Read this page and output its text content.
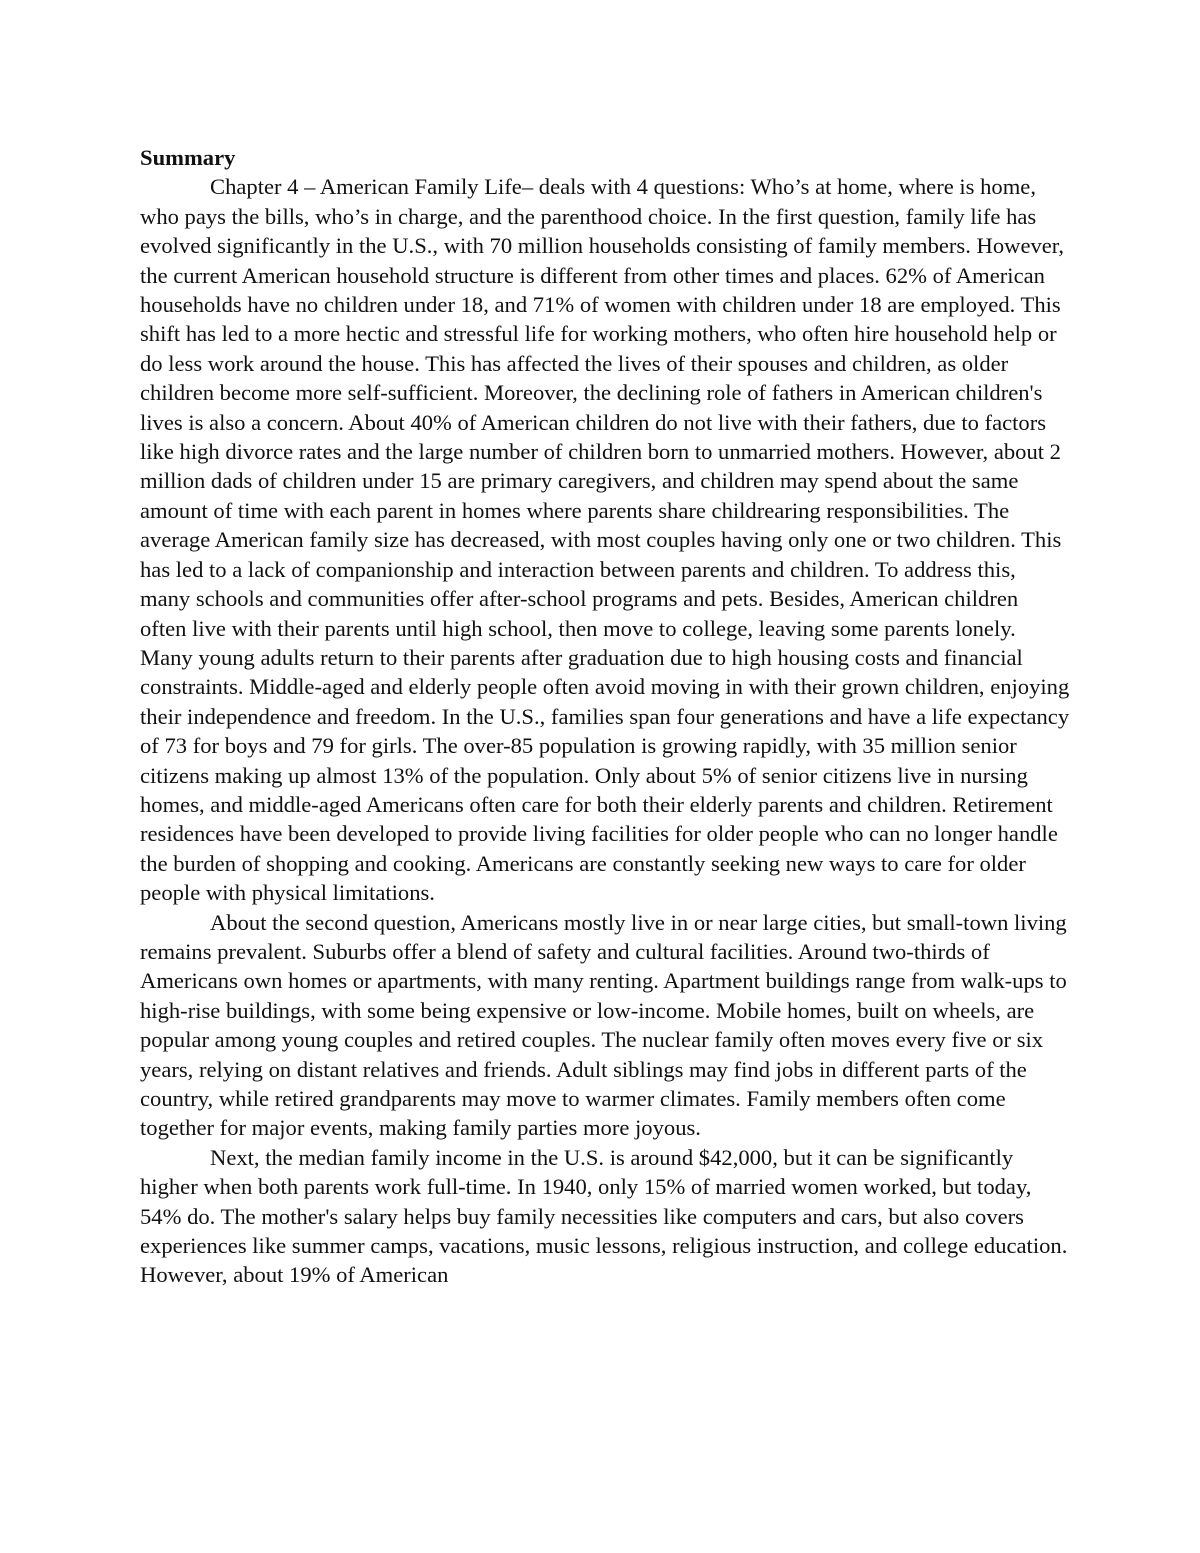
Summary

Chapter 4 – American Family Life– deals with 4 questions: Who’s at home, where is home, who pays the bills, who’s in charge, and the parenthood choice. In the first question, family life has evolved significantly in the U.S., with 70 million households consisting of family members. However, the current American household structure is different from other times and places. 62% of American households have no children under 18, and 71% of women with children under 18 are employed. This shift has led to a more hectic and stressful life for working mothers, who often hire household help or do less work around the house. This has affected the lives of their spouses and children, as older children become more self-sufficient. Moreover, the declining role of fathers in American children's lives is also a concern. About 40% of American children do not live with their fathers, due to factors like high divorce rates and the large number of children born to unmarried mothers. However, about 2 million dads of children under 15 are primary caregivers, and children may spend about the same amount of time with each parent in homes where parents share childrearing responsibilities. The average American family size has decreased, with most couples having only one or two children. This has led to a lack of companionship and interaction between parents and children. To address this, many schools and communities offer after-school programs and pets. Besides, American children often live with their parents until high school, then move to college, leaving some parents lonely. Many young adults return to their parents after graduation due to high housing costs and financial constraints. Middle-aged and elderly people often avoid moving in with their grown children, enjoying their independence and freedom. In the U.S., families span four generations and have a life expectancy of 73 for boys and 79 for girls. The over-85 population is growing rapidly, with 35 million senior citizens making up almost 13% of the population. Only about 5% of senior citizens live in nursing homes, and middle-aged Americans often care for both their elderly parents and children. Retirement residences have been developed to provide living facilities for older people who can no longer handle the burden of shopping and cooking. Americans are constantly seeking new ways to care for older people with physical limitations.

About the second question, Americans mostly live in or near large cities, but small-town living remains prevalent. Suburbs offer a blend of safety and cultural facilities. Around two-thirds of Americans own homes or apartments, with many renting. Apartment buildings range from walk-ups to high-rise buildings, with some being expensive or low-income. Mobile homes, built on wheels, are popular among young couples and retired couples. The nuclear family often moves every five or six years, relying on distant relatives and friends. Adult siblings may find jobs in different parts of the country, while retired grandparents may move to warmer climates. Family members often come together for major events, making family parties more joyous.

Next, the median family income in the U.S. is around $42,000, but it can be significantly higher when both parents work full-time. In 1940, only 15% of married women worked, but today, 54% do. The mother's salary helps buy family necessities like computers and cars, but also covers experiences like summer camps, vacations, music lessons, religious instruction, and college education. However, about 19% of American
